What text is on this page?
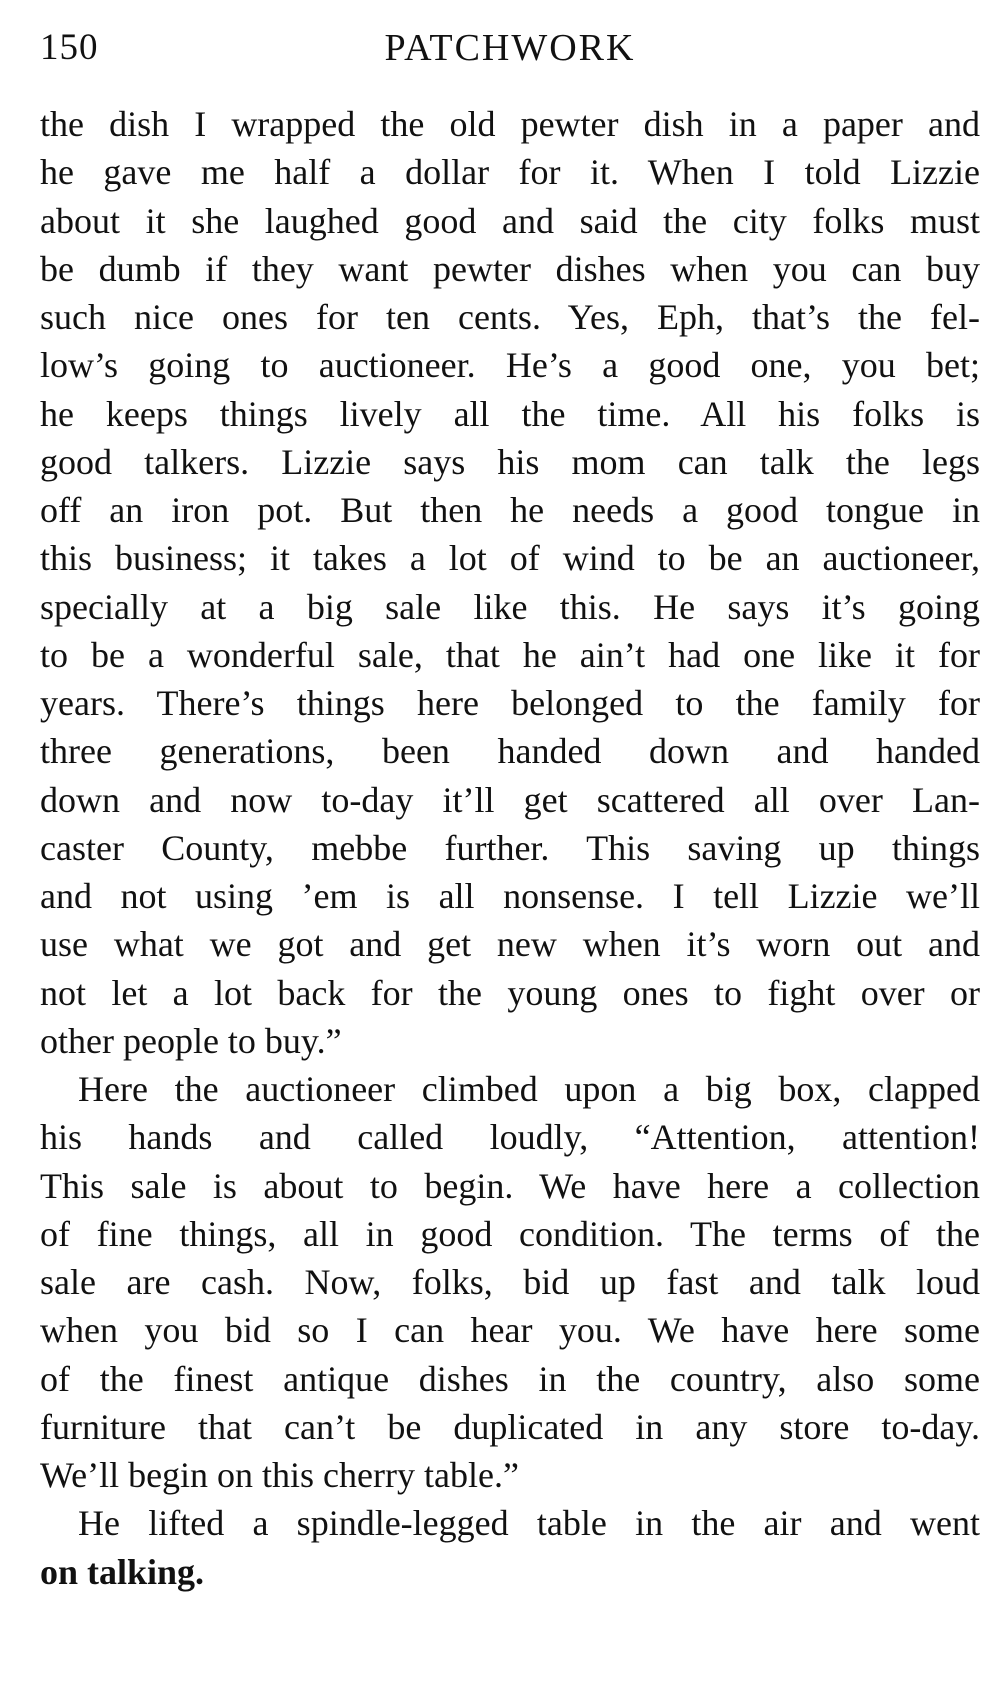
150	PATCHWORK
the dish I wrapped the old pewter dish in a paper and
he gave me half a dollar for it. When I told Lizzie
about it she laughed good and said the city folks must
be dumb if they want pewter dishes when you can buy
such nice ones for ten cents. Yes, Eph, that’s the fel-
low’s going to auctioneer. He’s a good one, you bet;
he keeps things lively all the time. All his folks is
good talkers. Lizzie says his mom can talk the legs
off an iron pot. But then he needs a good tongue in
this business; it takes a lot of wind to be an auctioneer,
specially at a big sale like this. He says it’s going
to be a wonderful sale, that he ain’t had one like it for
years. There’s things here belonged to the family for
three generations, been handed down and handed
down and now to-day it’ll get scattered all over Lan-
caster County, mebbe further. This saving up things
and not using ’em is all nonsense. I tell Lizzie we’ll
use what we got and get new when it’s worn out and
not let a lot back for the young ones to fight over or
other people to buy.”
Here the auctioneer climbed upon a big box, clapped
his hands and called loudly, “Attention, attention!
This sale is about to begin. We have here a collection
of fine things, all in good condition. The terms of the
sale are cash. Now, folks, bid up fast and talk loud
when you bid so I can hear you. We have here some
of the finest antique dishes in the country, also some
furniture that can’t be duplicated in any store to-day.
We’ll begin on this cherry table.”
He lifted a spindle-legged table in the air and went
on talking.
